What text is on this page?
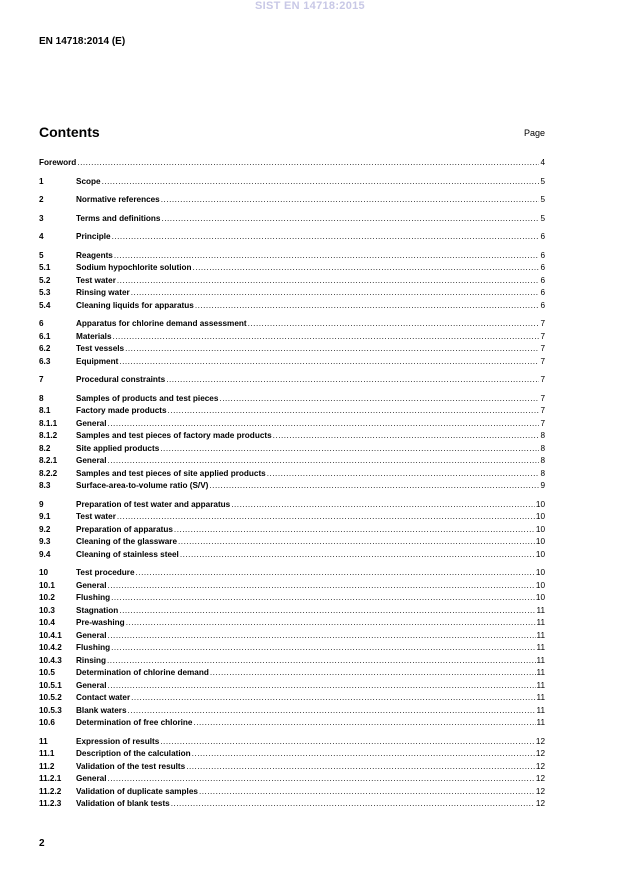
SIST EN 14718:2015
EN 14718:2014 (E)
Contents	Page
Foreword .....	4
1	Scope .....	5
2	Normative references .....	5
3	Terms and definitions .....	5
4	Principle .....	6
5	Reagents .....	6
5.1	Sodium hypochlorite solution .....	6
5.2	Test water .....	6
5.3	Rinsing water .....	6
5.4	Cleaning liquids for apparatus .....	6
6	Apparatus for chlorine demand assessment .....	7
6.1	Materials .....	7
6.2	Test vessels .....	7
6.3	Equipment .....	7
7	Procedural constraints .....	7
8	Samples of products and test pieces .....	7
8.1	Factory made products .....	7
8.1.1	General .....	7
8.1.2	Samples and test pieces of factory made products .....	8
8.2	Site applied products .....	8
8.2.1	General .....	8
8.2.2	Samples and test pieces of site applied products .....	8
8.3	Surface-area-to-volume ratio (S/V) .....	9
9	Preparation of test water and apparatus .....	10
9.1	Test water .....	10
9.2	Preparation of apparatus .....	10
9.3	Cleaning of the glassware .....	10
9.4	Cleaning of stainless steel .....	10
10	Test procedure .....	10
10.1	General .....	10
10.2	Flushing .....	10
10.3	Stagnation .....	11
10.4	Pre-washing .....	11
10.4.1	General .....	11
10.4.2	Flushing .....	11
10.4.3	Rinsing .....	11
10.5	Determination of chlorine demand .....	11
10.5.1	General .....	11
10.5.2	Contact water .....	11
10.5.3	Blank waters .....	11
10.6	Determination of free chlorine .....	11
11	Expression of results .....	12
11.1	Description of the calculation .....	12
11.2	Validation of the test results .....	12
11.2.1	General .....	12
11.2.2	Validation of duplicate samples .....	12
11.2.3	Validation of blank tests .....	12
2
